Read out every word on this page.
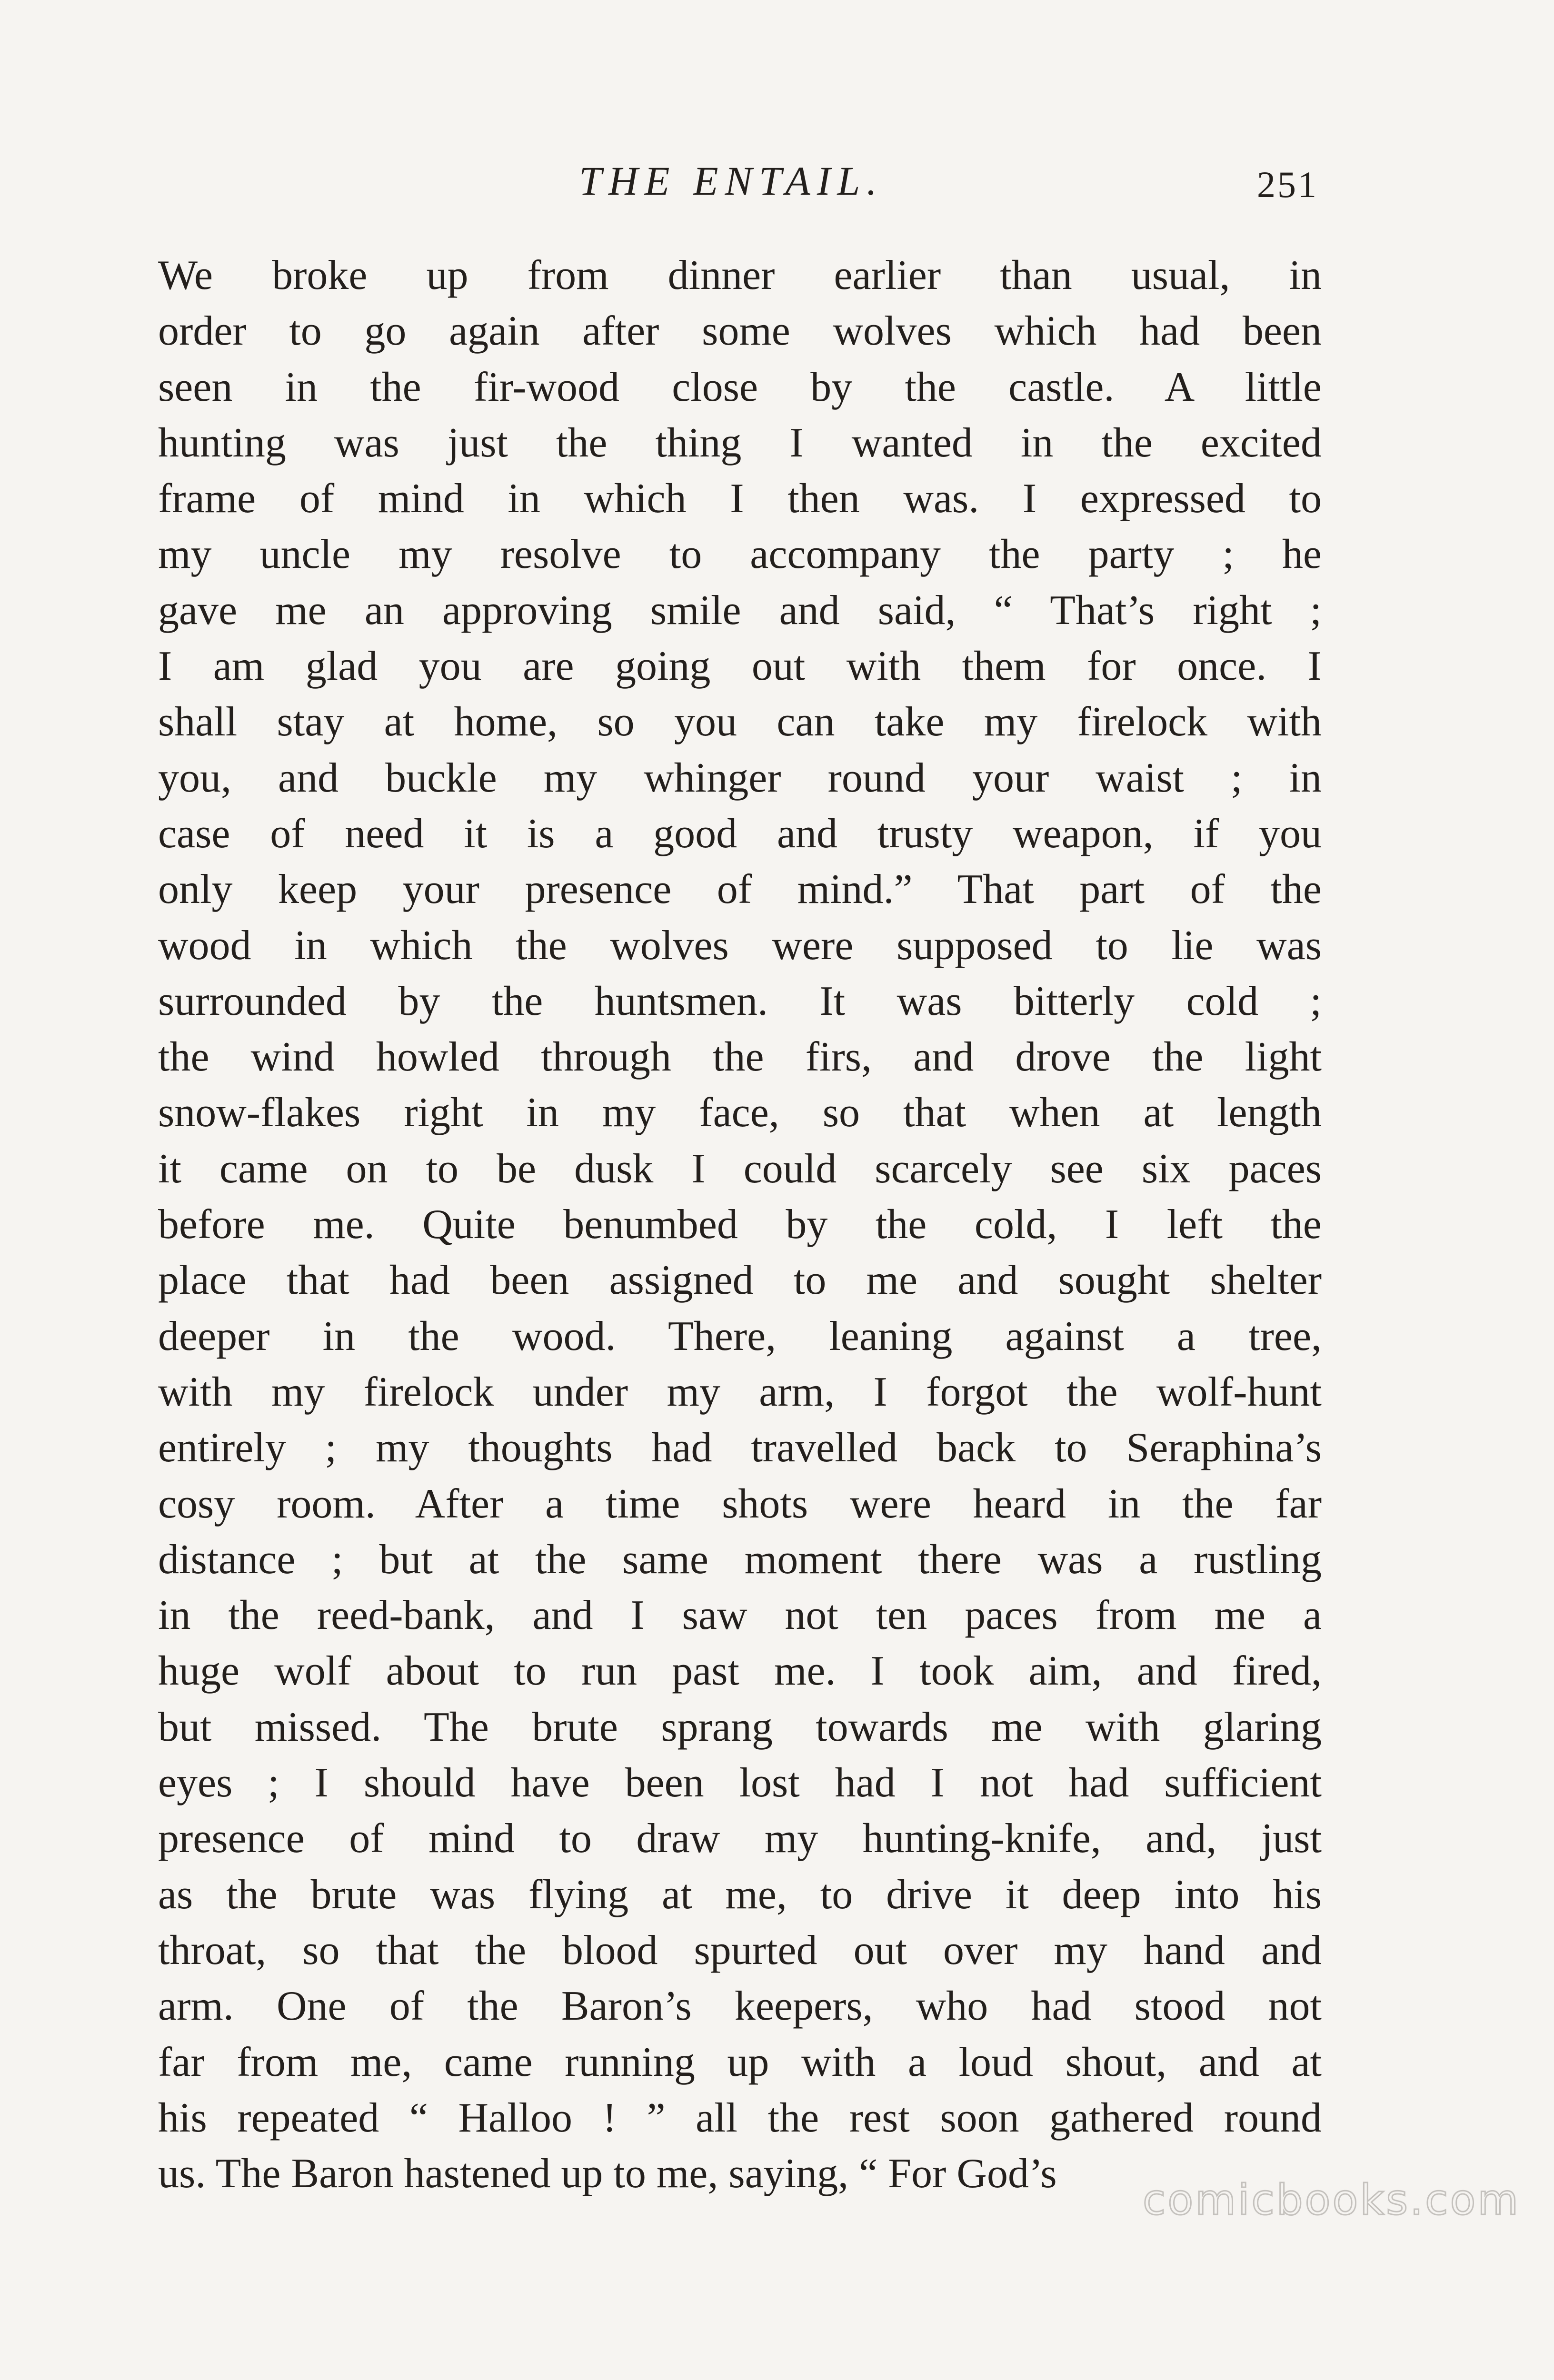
THE ENTAIL.	251
We broke up from dinner earlier than usual, in
order to go again after some wolves which had been
seen in the fir-wood close by the castle. A little
hunting was just the thing I wanted in the excited
frame of mind in which I then was. I expressed to
my uncle my resolve to accompany the party ; he
gave me an approving smile and said, “ That’s right ;
I am glad you are going out with them for once. I
shall stay at home, so you can take my firelock with
you, and buckle my whinger round your waist ; in
case of need it is a good and trusty weapon, if you
only keep your presence of mind.” That part of the
wood in which the wolves were supposed to lie was
surrounded by the huntsmen. It was bitterly cold ;
the wind howled through the firs, and drove the light
snow-flakes right in my face, so that when at length
it came on to be dusk I could scarcely see six paces
before me. Quite benumbed by the cold, I left the
place that had been assigned to me and sought shelter
deeper in the wood. There, leaning against a tree,
with my firelock under my arm, I forgot the wolf-hunt
entirely ; my thoughts had travelled back to Seraphina’s
cosy room. After a time shots were heard in the far
distance ; but at the same moment there was a rustling
in the reed-bank, and I saw not ten paces from me a
huge wolf about to run past me. I took aim, and fired,
but missed. The brute sprang towards me with glaring
eyes ; I should have been lost had I not had sufficient
presence of mind to draw my hunting-knife, and, just
as the brute was flying at me, to drive it deep into his
throat, so that the blood spurted out over my hand and
arm. One of the Baron’s keepers, who had stood not
far from me, came running up with a loud shout, and at
his repeated “ Halloo ! ” all the rest soon gathered round
us. The Baron hastened up to me, saying, “ For God’s
comicbooks.com
